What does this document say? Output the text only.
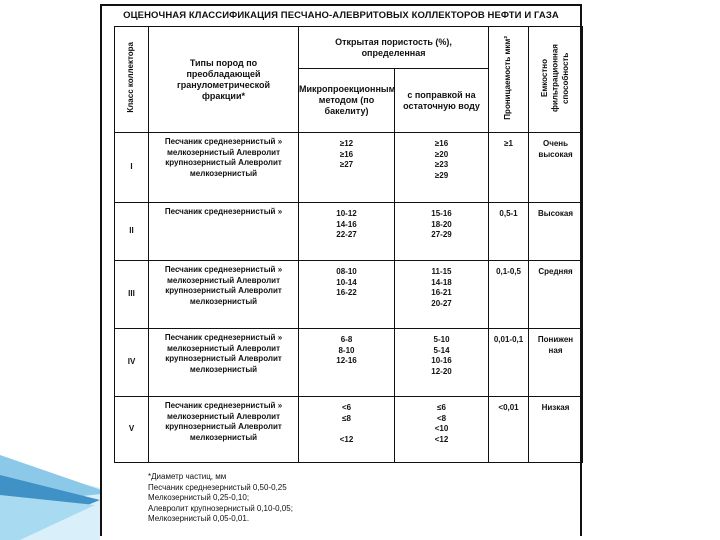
ОЦЕНОЧНАЯ КЛАССИФИКАЦИЯ ПЕСЧАНО-АЛЕВРИТОВЫХ КОЛЛЕКТОРОВ НЕФТИ И ГАЗА
Класс коллектора	Типы пород по преобладающей гранулометрической фракции*	Открытая пористость (%), определенная		Проницаемость мкм²	Емкостно фильтрационная способность
		Микропроекционным методом (по бакелиту)	с поправкой на остаточную воду		
I	Песчаник среднезернистый »
мелкозернистый Алевролит
крупнозернистый Алевролит
мелкозернистый	≥12
≥16
≥27	≥16
≥20
≥23
≥29	≥1	Очень высокая
II	Песчаник среднезернистый »	10-12
14-16
22-27	15-16
18-20
27-29	0,5-1	Высокая
III	Песчаник среднезернистый »
мелкозернистый Алевролит
крупнозернистый Алевролит
мелкозернистый	08-10
10-14
16-22	11-15
14-18
16-21
20-27	0,1-0,5	Средняя
IV	Песчаник среднезернистый »
мелкозернистый Алевролит
крупнозернистый Алевролит
мелкозернистый	6-8
8-10
12-16	5-10
5-14
10-16
12-20	0,01-0,1	Понижен ная

V	Песчаник среднезернистый »
мелкозернистый Алевролит
крупнозернистый Алевролит
мелкозернистый	<6
≤8
<12	≤6
<8
<10
<12	<0,01	Низкая
*Диаметр частиц, мм
Песчаник среднезернистый 0,50-0,25
Мелкозернистый 0,25-0,10;
Алевролит крупнозернистый 0,10-0,05;
Мелкозернистый 0,05-0,01.
